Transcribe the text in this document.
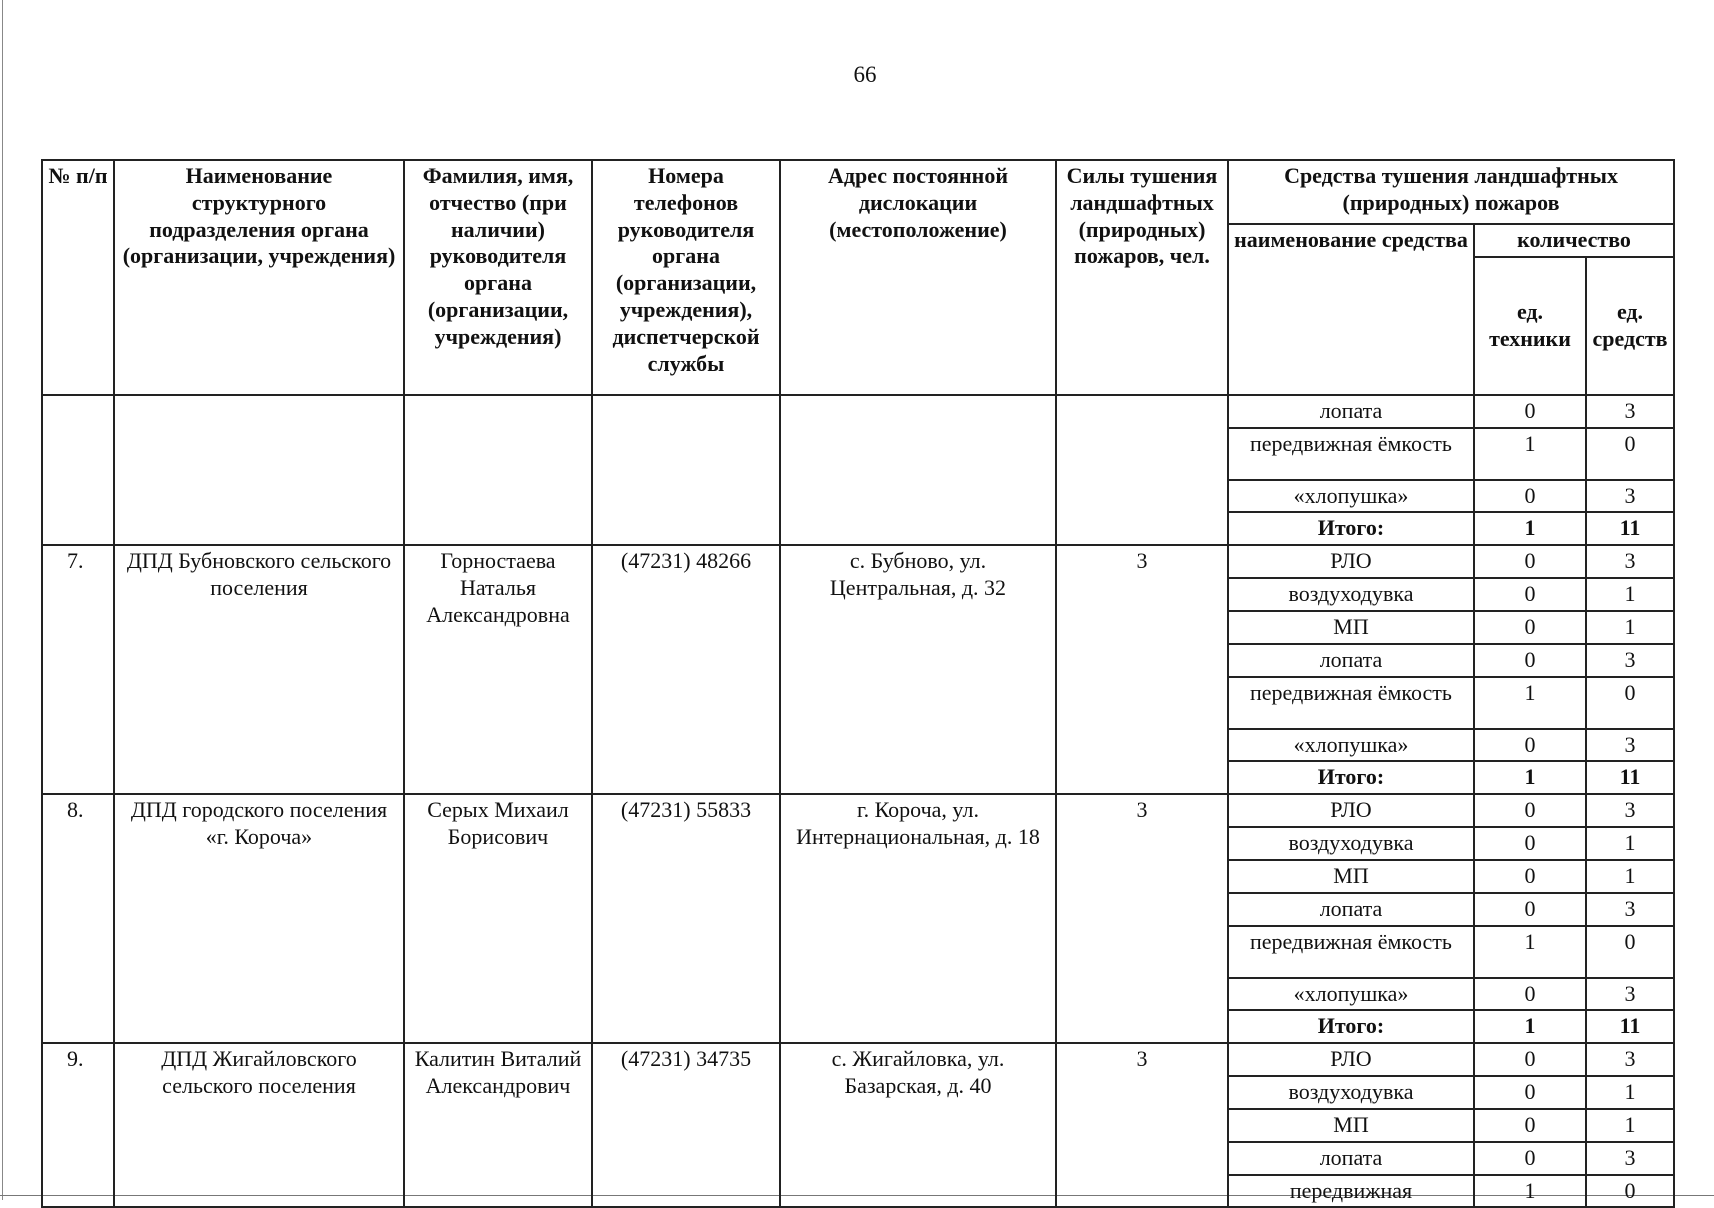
66
№ п/п	Наименование структурного подразделения органа (организации, учреждения)	Фамилия, имя, отчество (при наличии) руководителя органа (организации, учреждения)	Номера телефонов руководителя органа (организации, учреждения), диспетчерской службы	Адрес постоянной дислокации (местоположение)	Силы тушения ландшафтных (природных) пожаров, чел.	Средства тушения ландшафтных (природных) пожаров		
						наименование средства	количество	
							ед. техники	ед. средств
						лопата	0	3
						передвижная ёмкость	1	0
						«хлопушка»	0	3
						Итого:	1	11
7.	ДПД Бубновского сельского поселения	Горностаева Наталья Александровна	(47231) 48266	с. Бубново, ул. Центральная, д. 32	3	РЛО	0	3
						воздуходувка	0	1
						МП	0	1
						лопата	0	3
						передвижная ёмкость	1	0
						«хлопушка»	0	3
						Итого:	1	11
8.	ДПД городского поселения «г. Короча»	Серых Михаил Борисович	(47231) 55833	г. Короча, ул. Интернациональная, д. 18	3	РЛО	0	3
						воздуходувка	0	1
						МП	0	1
						лопата	0	3
						передвижная ёмкость	1	0
						«хлопушка»	0	3
						Итого:	1	11
9.	ДПД Жигайловского сельского поселения	Калитин Виталий Александрович	(47231) 34735	с. Жигайловка, ул. Базарская, д. 40	3	РЛО	0	3
						воздуходувка	0	1
						МП	0	1
						лопата	0	3
						передвижная	1	0
